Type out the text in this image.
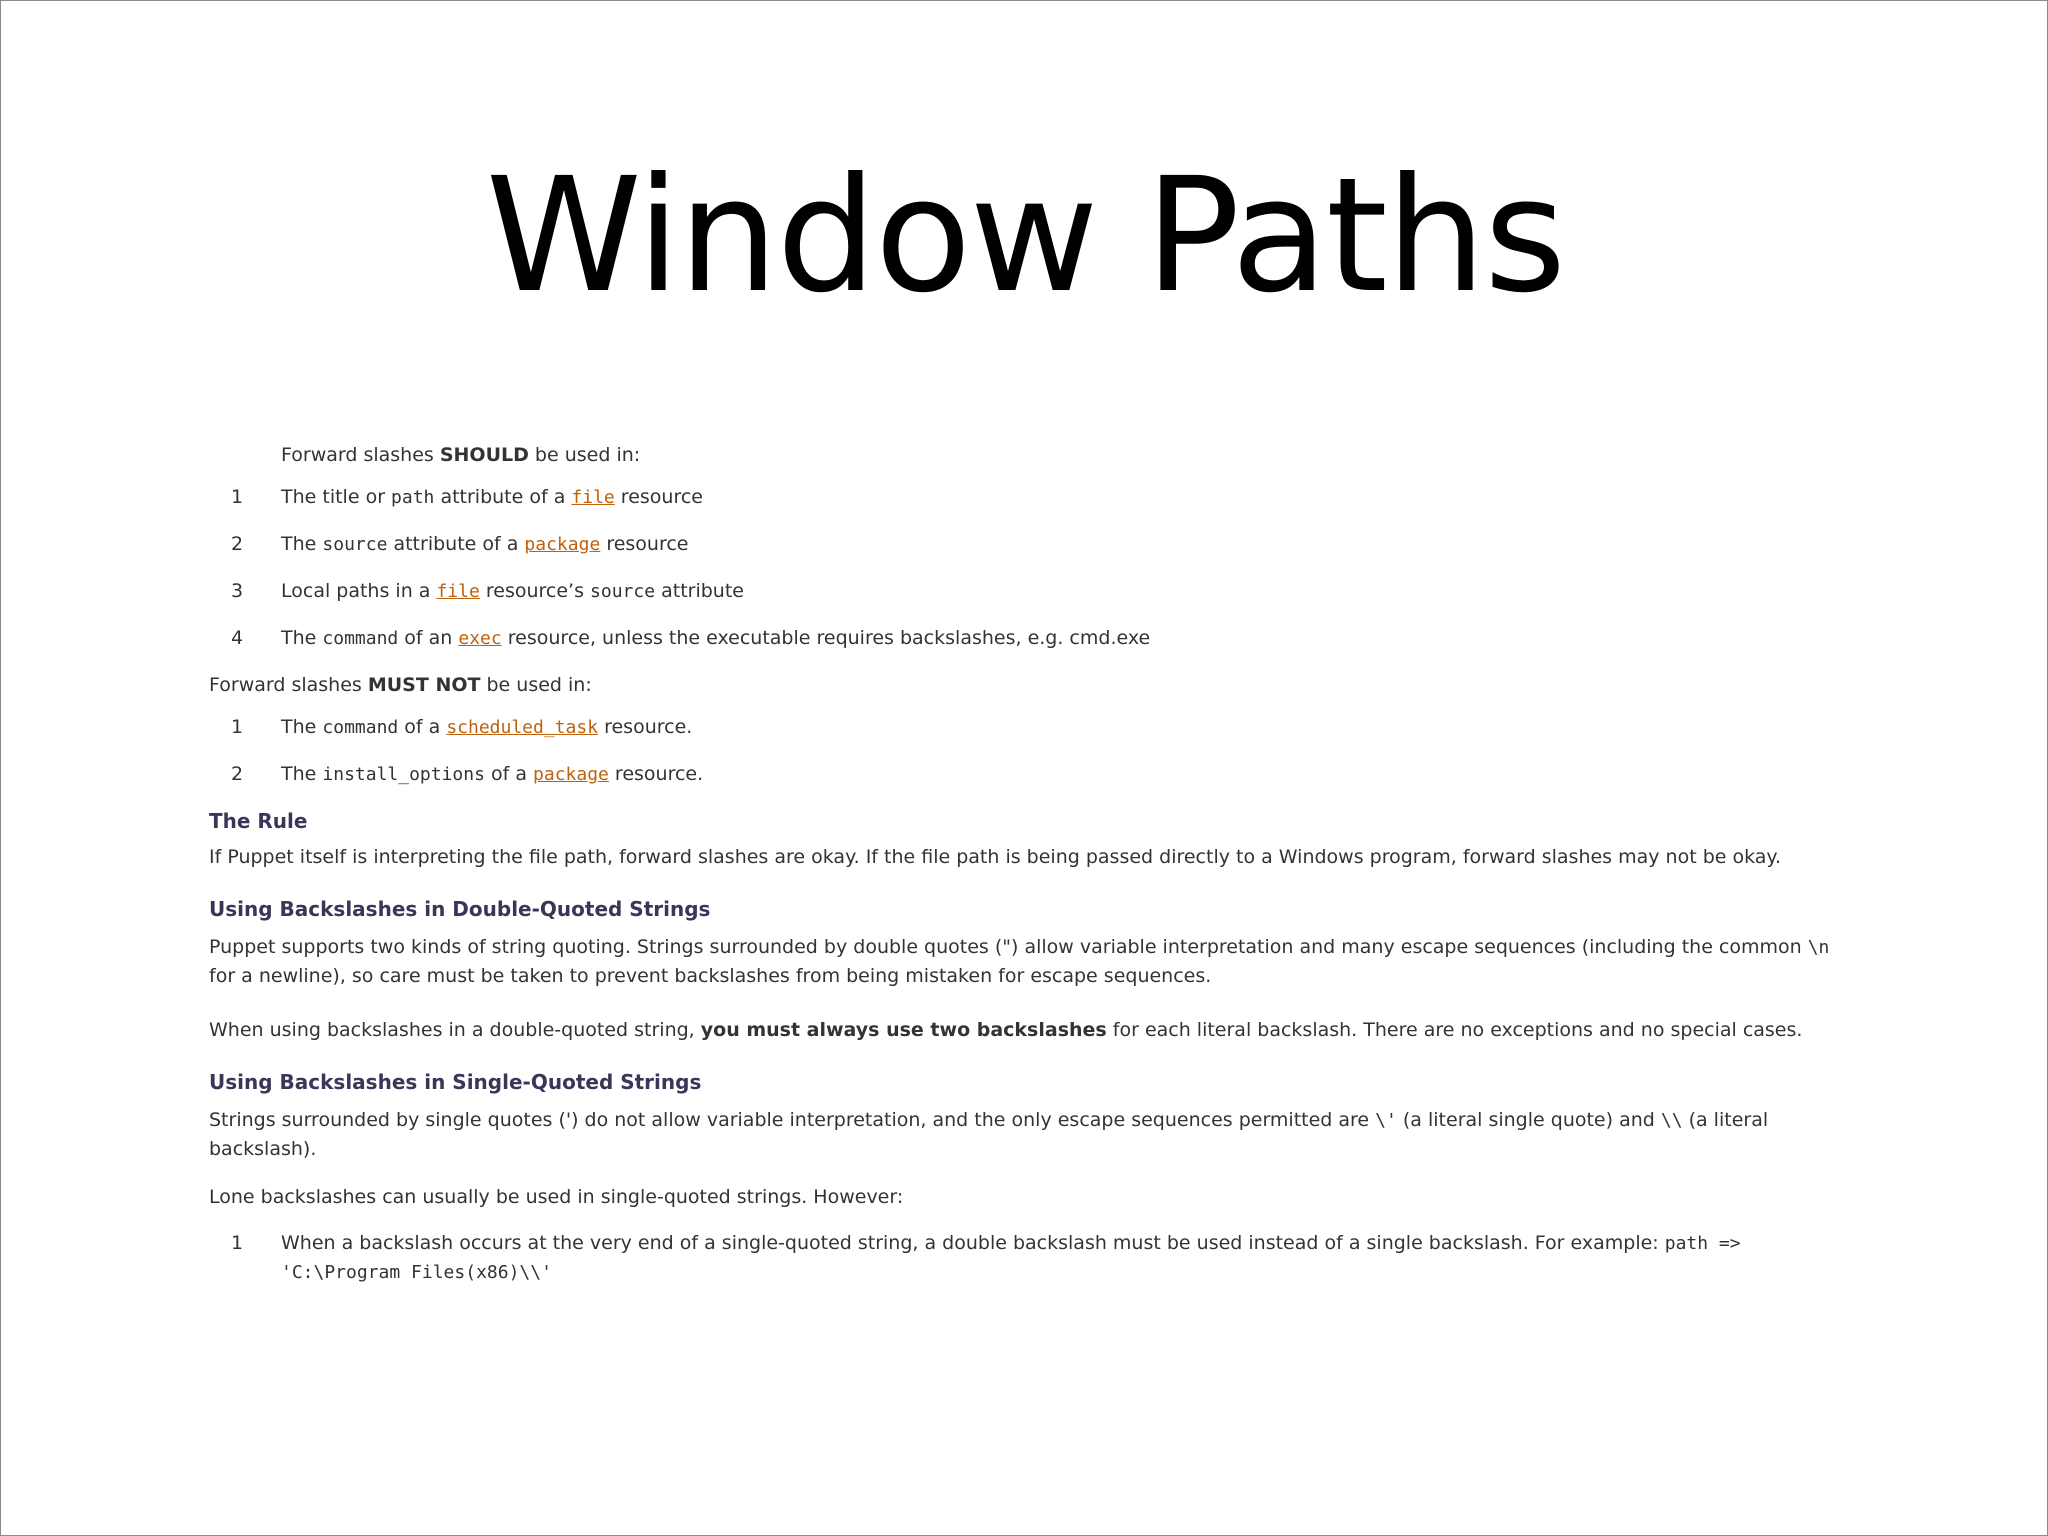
Window Paths
Forward slashes SHOULD be used in:
1 The title or path attribute of a file resource
2 The source attribute of a package resource
3 Local paths in a file resource’s source attribute
4 The command of an exec resource, unless the executable requires backslashes, e.g. cmd.exe
Forward slashes MUST NOT be used in:
1 The command of a scheduled_task resource.
2 The install_options of a package resource.
The Rule
If Puppet itself is interpreting the file path, forward slashes are okay. If the file path is being passed directly to a Windows program, forward slashes may not be okay.
Using Backslashes in Double-Quoted Strings
Puppet supports two kinds of string quoting. Strings surrounded by double quotes (") allow variable interpretation and many escape sequences (including the common \n for a newline), so care must be taken to prevent backslashes from being mistaken for escape sequences.
When using backslashes in a double-quoted string, you must always use two backslashes for each literal backslash. There are no exceptions and no special cases.
Using Backslashes in Single-Quoted Strings
Strings surrounded by single quotes (') do not allow variable interpretation, and the only escape sequences permitted are \' (a literal single quote) and \\ (a literal backslash).
Lone backslashes can usually be used in single-quoted strings. However:
1 When a backslash occurs at the very end of a single-quoted string, a double backslash must be used instead of a single backslash. For example: path => 'C:\Program Files(x86)\\'
